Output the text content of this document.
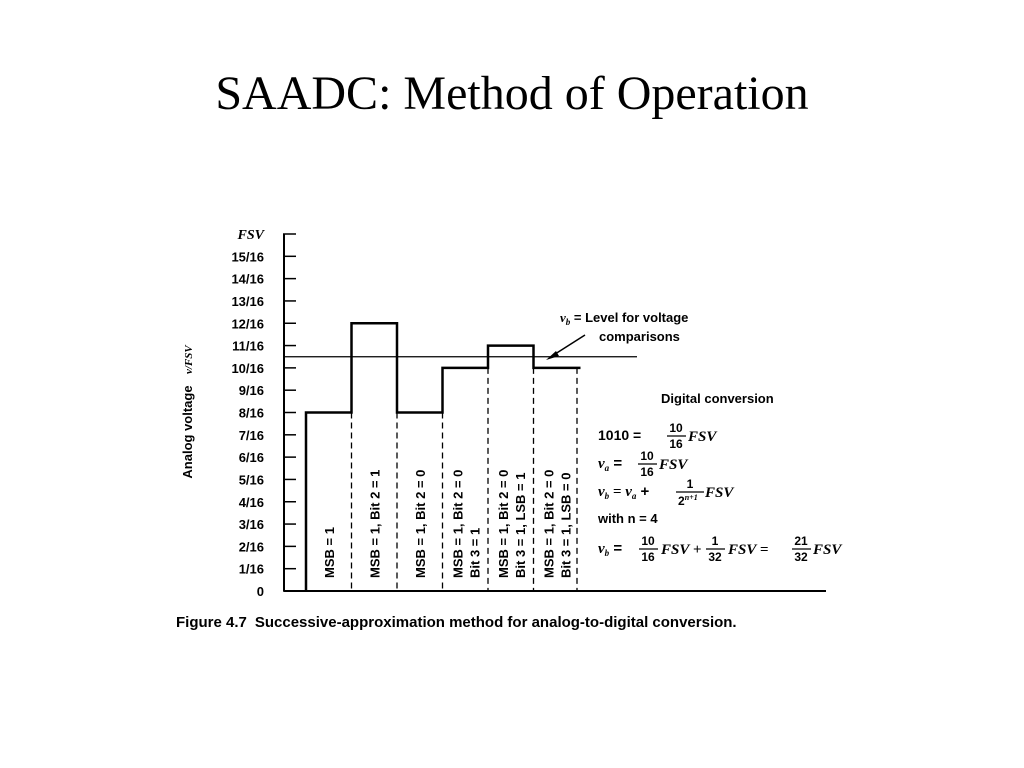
SAADC: Method of Operation
0
1/16
2/16
3/16
4/16
5/16
6/16
7/16
8/16
9/16
10/16
11/16
12/16
13/16
14/16
15/16
FSV
Analog voltage
v/FSV
MSB = 1 MSB = 1, Bit 2 = 1 MSB = 1, Bit 2 = 0 MSB = 1, Bit 2 = 0 Bit 3 = 1 MSB = 1, Bit 2 = 0 Bit 3 = 1, LSB = 1 MSB = 1, Bit 2 = 0 Bit 3 = 1, LSB = 0
$v_b$ = Level for voltage
comparisons
Digital conversion
1010 = 10
16 FSV
$v_a = 10$
16 FSV
$v_b = v_a$ +	1
$2^{n+1}$ FSV
with n = 4
$v_b = 10$
16 FSV +
1
32 FSV =
21
32 FSV
Figure 4.7 Successive-approximation method for analog-to-digital conversion.
